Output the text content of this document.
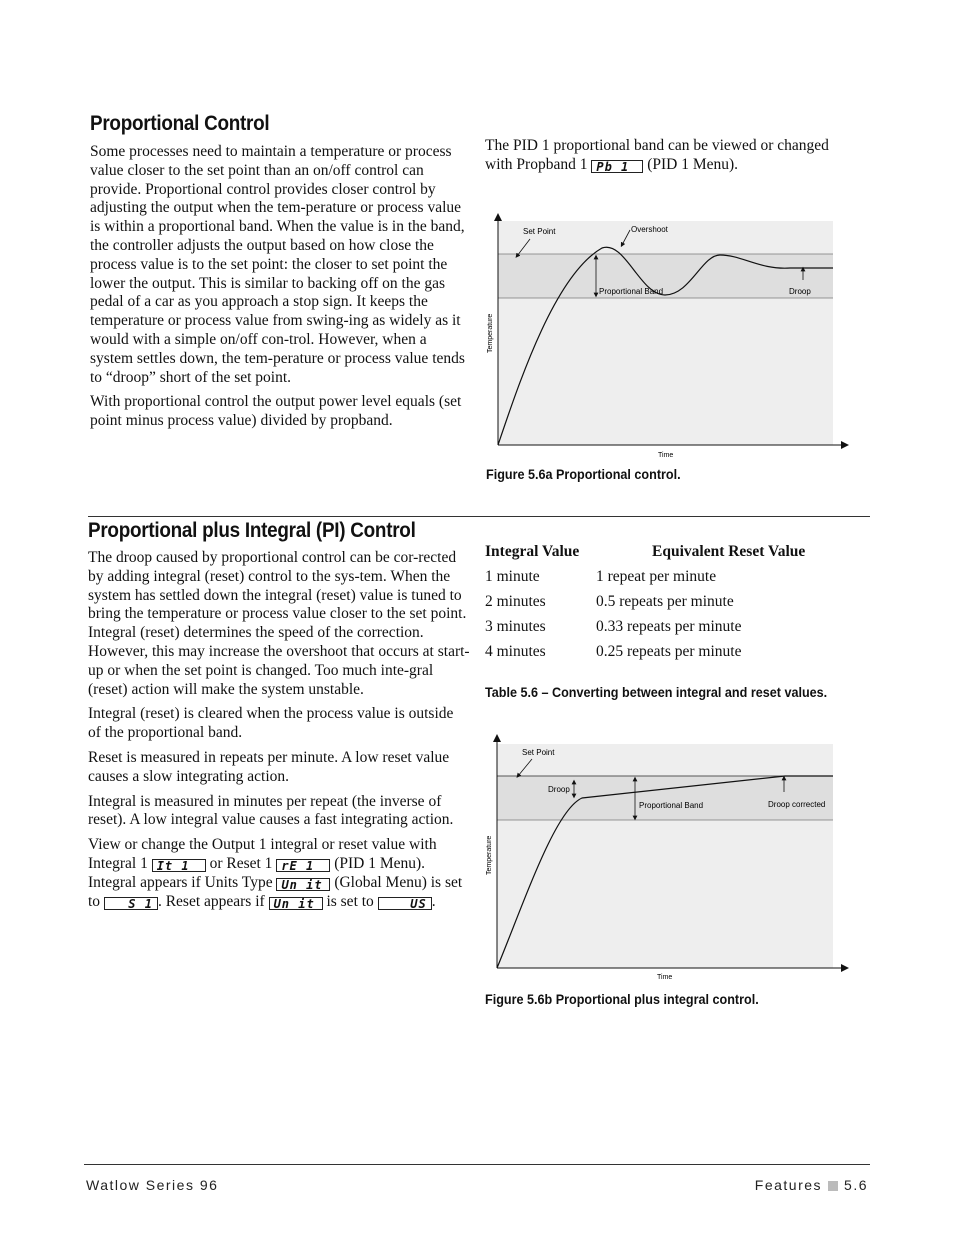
Proportional Control

Some processes need to maintain a temperature or process value closer to the set point than an on/off control can provide. Proportional control provides closer control by adjusting the output when the tem-perature or process value is within a proportional band. When the value is in the band, the controller adjusts the output based on how close the process value is to the set point: the closer to set point the lower the output. This is similar to backing off on the gas pedal of a car as you approach a stop sign. It keeps the temperature or process value from swing-ing as widely as it would with a simple on/off con-trol. However, when a system settles down, the tem-perature or process value tends to “droop” short of the set point.

With proportional control the output power level equals (set point minus process value) divided by propband.

The PID 1 proportional band can be viewed or changed with Propband 1 Pb 1 (PID 1 Menu).
Set Point	Overshoot
Proportional Band	Droop
Temperature
Time
Figure 5.6a Proportional control.
Proportional plus Integral (PI) Control

The droop caused by proportional control can be cor-rected by adding integral (reset) control to the sys-tem. When the system has settled down the integral (reset) value is tuned to bring the temperature or process value closer to the set point. Integral (reset) determines the speed of the correction. However, this may increase the overshoot that occurs at start-up or when the set point is changed. Too much inte-gral (reset) action will make the system unstable.

Integral (reset) is cleared when the process value is outside of the proportional band.

Reset is measured in repeats per minute. A low reset value causes a slow integrating action.

Integral is measured in minutes per repeat (the inverse of reset). A low integral value causes a fast integrating action.

View or change the Output 1 integral or reset value with Integral 1 It 1 or Reset 1 rE 1 (PID 1 Menu). Integral appears if Units Type Un it (Global Menu) is set to S 1 . Reset appears if Un it is set to	US .

Integral Value	Equivalent Reset Value
1 minute	1 repeat per minute
2 minutes	0.5 repeats per minute
3 minutes	0.33 repeats per minute
4 minutes	0.25 repeats per minute
Table 5.6 – Converting between integral and reset values.
Set Point
Droop
Proportional Band	Droop corrected
Temperature
Time
Figure 5.6b Proportional plus integral control.
Watlow Series 96	Features 5.6
